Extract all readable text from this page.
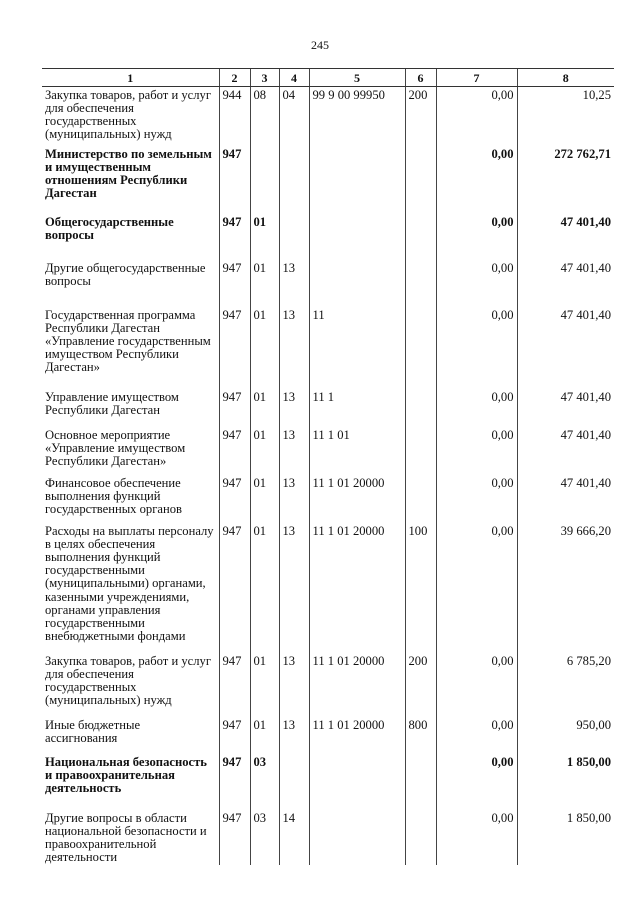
245
1	2	3	4	5	6	7	8
Закупка товаров, работ и услуг для обеспечения государственных (муниципальных) нужд	944	08	04	99 9 00 99950	200	0,00	10,25
Министерство по земельным и имущественным отношениям Республики Дагестан	947					0,00	272 762,71
Общегосударственные вопросы	947	01				0,00	47 401,40
Другие общегосударственные вопросы	947	01	13			0,00	47 401,40
Государственная программа Республики Дагестан «Управление государственным имуществом Республики Дагестан»	947	01	13	11		0,00	47 401,40
Управление имуществом Республики Дагестан	947	01	13	11 1		0,00	47 401,40
Основное мероприятие «Управление имуществом Республики Дагестан»	947	01	13	11 1 01		0,00	47 401,40
Финансовое обеспечение выполнения функций государственных органов	947	01	13	11 1 01 20000		0,00	47 401,40
Расходы на выплаты персоналу в целях обеспечения выполнения функций государственными (муниципальными) органами, казенными учреждениями, органами управления государственными внебюджетными фондами	947	01	13	11 1 01 20000	100	0,00	39 666,20
Закупка товаров, работ и услуг для обеспечения государственных (муниципальных) нужд	947	01	13	11 1 01 20000	200	0,00	6 785,20
Иные бюджетные ассигнования	947	01	13	11 1 01 20000	800	0,00	950,00
Национальная безопасность и правоохранительная деятельность	947	03				0,00	1 850,00
Другие вопросы в области национальной безопасности и правоохранительной деятельности	947	03	14			0,00	1 850,00
